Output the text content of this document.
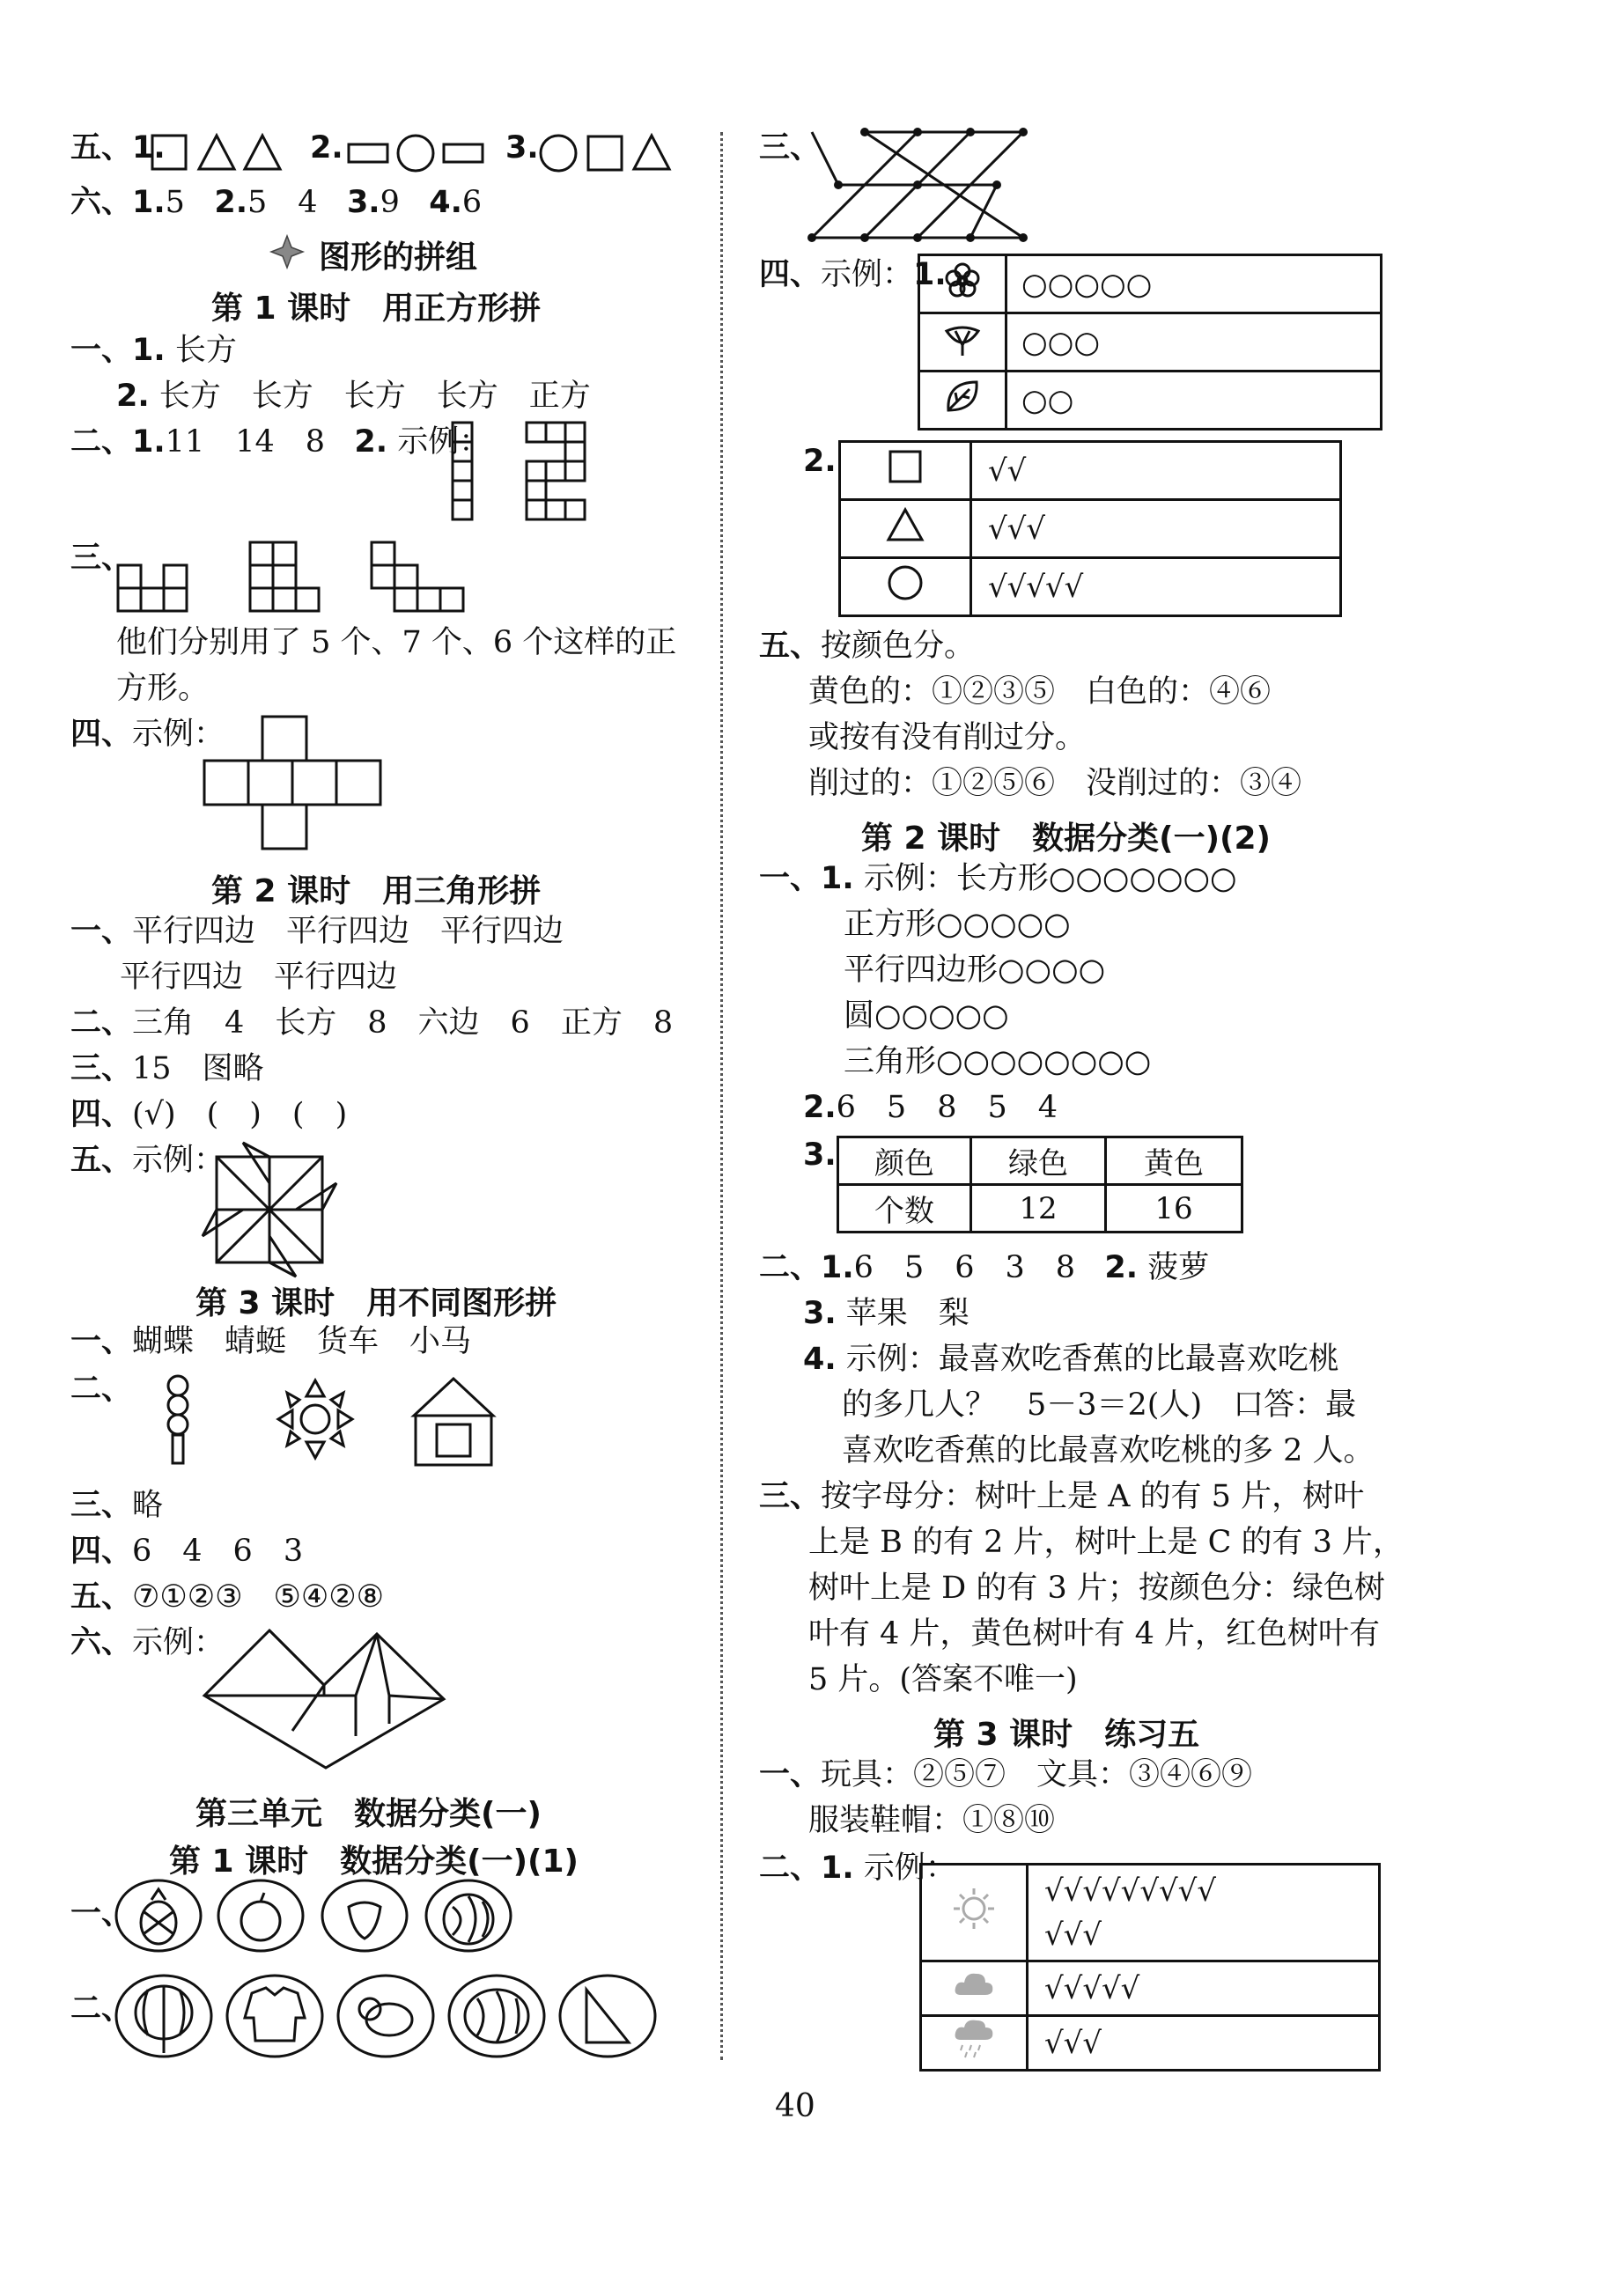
五、1.	2.	3.
六、1.5 2.5　4 3.9 4.6
图形的拼组
第 1 课时　用正方形拼
一、1. 长方
2. 长方　长方　长方　长方　正方
二、1.11　14　8 2. 示例：
三、
他们分别用了 5 个、7 个、6 个这样的正
方形。
四、示例：
第 2 课时　用三角形拼
一、平行四边　平行四边　平行四边
平行四边　平行四边
二、三角　4　长方　8　六边　6　正方　8
三、15　图略
四、(√)　(　)　(　)
五、示例：
第 3 课时　用不同图形拼
一、蝴蝶　蜻蜓　货车　小马
二、
三、略
四、6　4　6　3
五、⑦①②③　⑤④②⑧
六、示例：
第三单元　数据分类(一)
第 1 课时　数据分类(一)(1)
一、
二、
三、
四、示例：1.
		○○○○○
	○○○
	○○
2.
		√√
	√√√
	√√√√√
五、按颜色分。
黄色的：①②③⑤　白色的：④⑥
或按有没有削过分。
削过的：①②⑤⑥　没削过的：③④
第 2 课时　数据分类(一)(2)
一、1. 示例：长方形○○○○○○○
正方形○○○○○
平行四边形○○○○
圆○○○○○
三角形○○○○○○○○
2.6　5　8　5　4
3. 颜色	绿色	黄色
个数	12	16
二、1.6　5　6　3　8 2. 菠萝
3. 苹果　梨
4. 示例：最喜欢吃香蕉的比最喜欢吃桃
的多几人？　5－3＝2(人)　口答：最
喜欢吃香蕉的比最喜欢吃桃的多 2 人。
三、按字母分：树叶上是 A 的有 5 片，树叶
上是 B 的有 2 片，树叶上是 C 的有 3 片，
树叶上是 D 的有 3 片；按颜色分：绿色树
叶有 4 片，黄色树叶有 4 片，红色树叶有
5 片。(答案不唯一)
第 3 课时　练习五
一、玩具：②⑤⑦　文具：③④⑥⑨
服装鞋帽：①⑧⑩
二、1. 示例：

√√√√√√√√√
√√√

	√√√√√
	√√√
40
